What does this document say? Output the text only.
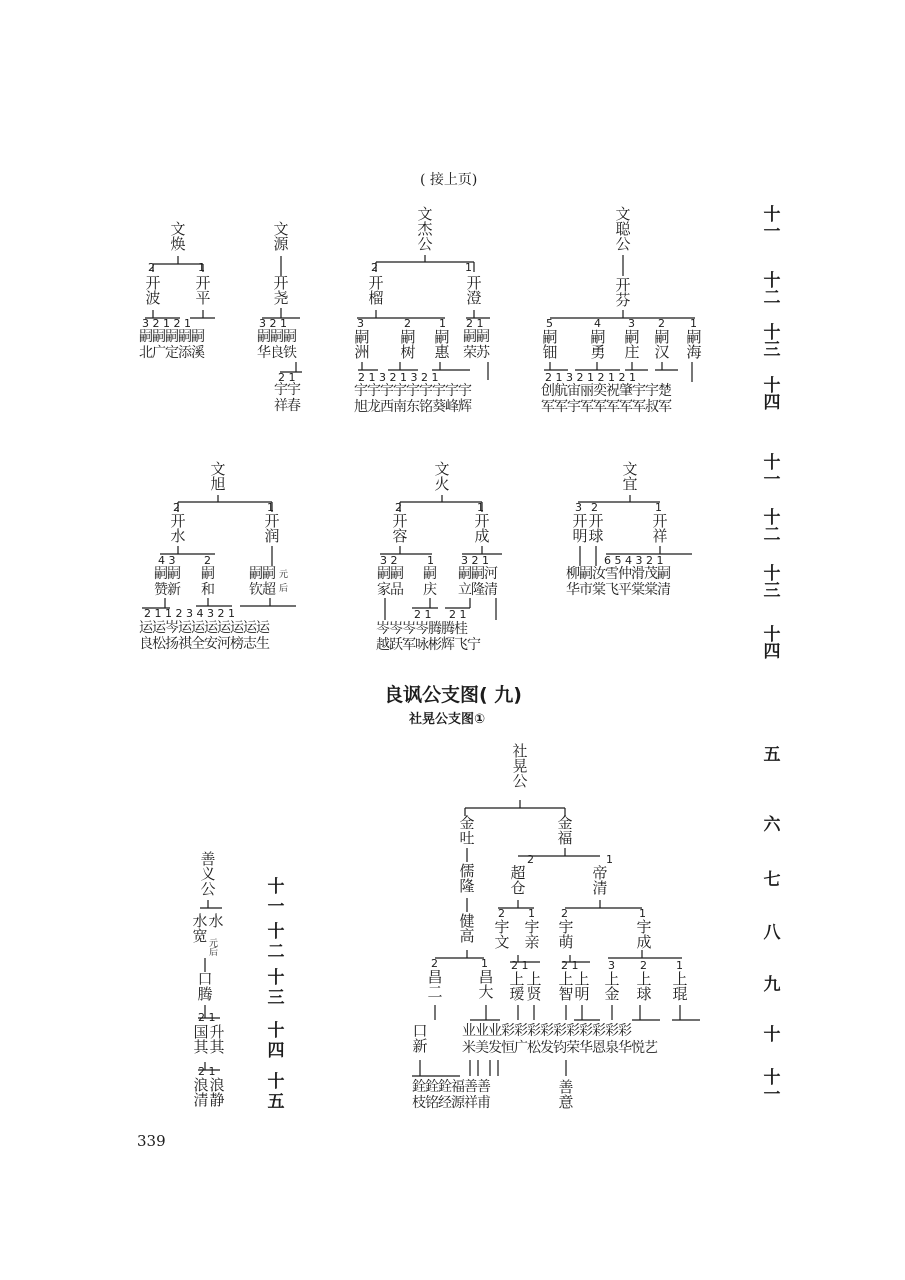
( 接上页)
十一
十二
十三
十四
文焕
2	1
开波
开平
3 2 1 2 1
嗣嗣嗣嗣嗣
北广定添溪
文源
开尧
3 2 1
嗣嗣嗣
华良铁
2 1
宇宇
祥春
文杰公
2	1
开榴
开澄
3	2	1 2 1
嗣洲
嗣树
嗣惠
嗣嗣
荣苏
2 1 3 2 1 3 2 1
宇宇宇宇宇宇宇宇宇
旭龙西南东铭葵峰辉
文聪公
开芬
5	4 3 2 1
嗣钿
嗣勇
嗣庄
嗣汉
嗣海
2 1 3 2 1 2 1 2 1
创航宙丽奕祝肇宇宇楚
军军宇军军军军军叔军
十一
十二
十三
十四
文旭
2	1
开水
开润
4 3	2
嗣嗣
赞新
嗣
和
嗣嗣
钦超
元
后
2 1 1 2 3 4 3 2 1
运运岑运运运运运运运
良松扬祺全安河榜志生
文火
2	1
开容
开成
3 2	1 3 2 1
嗣嗣
家品
嗣
庆
嗣嗣河
立隆清
2 1 2 1
岑岑岑岑腾腾桂
越跃军咏彬辉飞宁
文宜
3 2	1
开明
开球
开祥
6 5 4 3 2 1
柳嗣汝雪仲滑茂嗣
华市棠飞平棠棠清
良讽公支图( 九)
社晃公支图①
五
六
七
八
九
十
十一
善义公
水宽
水
元后
口腾
2 1
国其
升其
2 1
浪清
浪静
十一
十二
十三
十四
十五
社晃公
金吐
金福
儒隆
2	1
超仓
帝清
健高
2 1 2	1
宇文
宇亲
宇萌
宇成
2	1 2 1	2 1	3 2	1
昌二
昌大
上瑷
上贤
上智
上明
上金
上球
上琨
口新
业业业彩彩彩彩彩彩彩彩彩彩
米美发恒广松发钧荣华恩泉华悦艺
銓銓銓福善善
枝铭经源祥甫
善意
339
